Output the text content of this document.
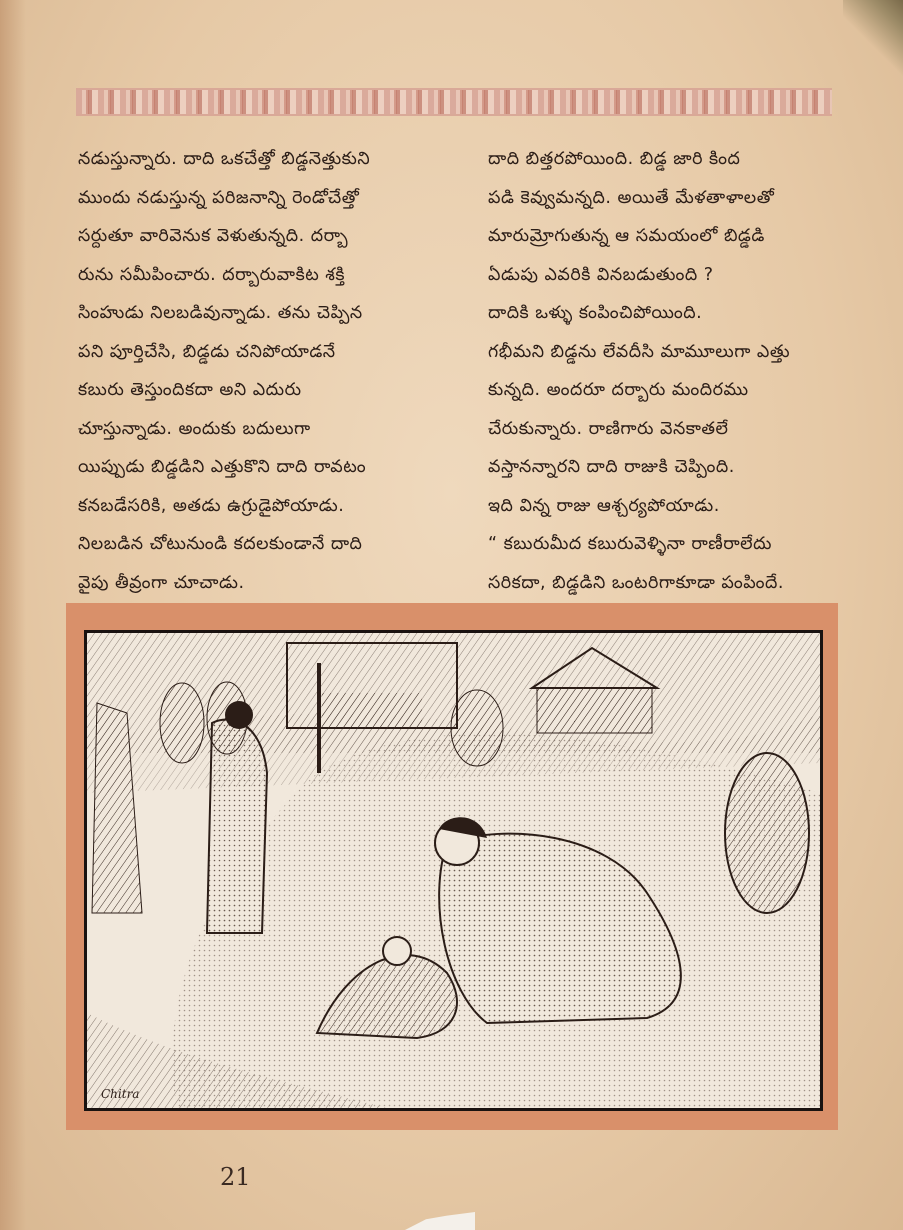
నడుస్తున్నారు. దాది ఒకచేత్తో బిడ్డనెత్తుకుని

ముందు నడుస్తున్న పరిజనాన్ని రెండోచేత్తో

సర్దుతూ వారివెనుక వెళుతున్నది. దర్బా

రును సమీపించారు. దర్బారువాకిట శక్తి

సింహుడు నిలబడివున్నాడు. తను చెప్పిన

పని పూర్తిచేసి, బిడ్డడు చనిపోయాడనే

కబురు తెస్తుందికదా అని ఎదురు

చూస్తున్నాడు. అందుకు బదులుగా

యిప్పుడు బిడ్డడిని ఎత్తుకొని దాది రావటం

కనబడేసరికి, అతడు ఉగ్రుడైపోయాడు.

నిలబడిన చోటునుండి కదలకుండానే దాది

వైపు తీవ్రంగా చూచాడు.

దాది బిత్తరపోయింది. బిడ్డ జారి కింద

పడి కెవ్వుమన్నది. అయితే మేళతాళాలతో

మారుమ్రోగుతున్న ఆ సమయంలో బిడ్డడి

ఏడుపు ఎవరికి వినబడుతుంది ?

దాదికి ఒళ్ళు కంపించిపోయింది.

గభీమని బిడ్డను లేవదీసి మామూలుగా ఎత్తు

కున్నది. అందరూ దర్బారు మందిరము

చేరుకున్నారు. రాణిగారు వెనకాతలే

వస్తానన్నారని దాది రాజుకి చెప్పింది.

ఇది విన్న రాజు ఆశ్చర్యపోయాడు.

“ కబురుమీద కబురువెళ్ళినా రాణీరాలేదు

సరికదా, బిడ్డడిని ఒంటరిగాకూడా పంపిందే.

Chitra
21
